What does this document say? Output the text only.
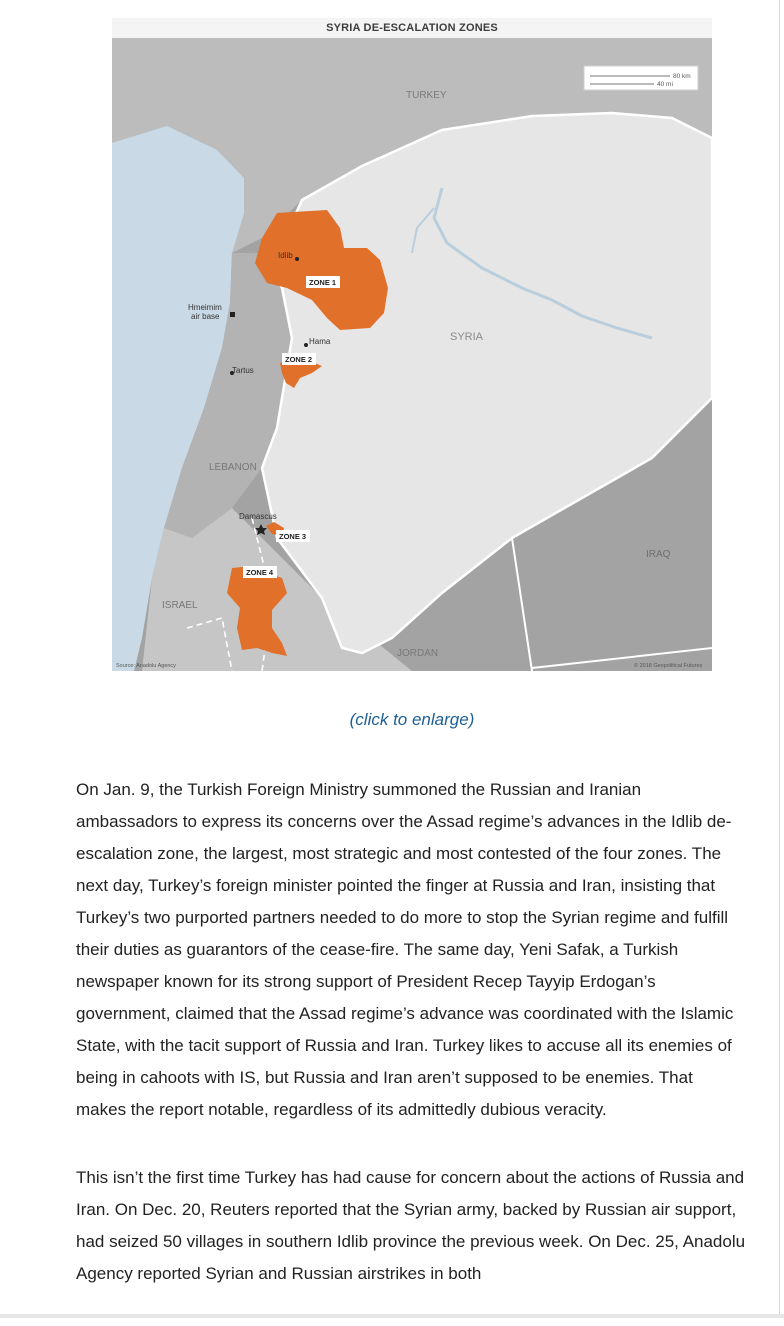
SYRIA DE-ESCALATION ZONES
TURKEY
SYRIA
LEBANON
ISRAEL
JORDAN
IRAQ
Idlib
Hama
Tartus
Damascus
Hmeimim
air base
ZONE 1
ZONE 2
ZONE 3
ZONE 4
80 km
40 mi
Source: Anadolu Agency	© 2018 Geopolitical Futures
(click to enlarge)

On Jan. 9, the Turkish Foreign Ministry summoned the Russian and Iranian ambassadors to express its concerns over the Assad regime’s advances in the Idlib de-escalation zone, the largest, most strategic and most contested of the four zones. The next day, Turkey’s foreign minister pointed the finger at Russia and Iran, insisting that Turkey’s two purported partners needed to do more to stop the Syrian regime and fulfill their duties as guarantors of the cease-fire. The same day, Yeni Safak, a Turkish newspaper known for its strong support of President Recep Tayyip Erdogan’s government, claimed that the Assad regime’s advance was coordinated with the Islamic State, with the tacit support of Russia and Iran. Turkey likes to accuse all its enemies of being in cahoots with IS, but Russia and Iran aren’t supposed to be enemies. That makes the report notable, regardless of its admittedly dubious veracity.

This isn’t the first time Turkey has had cause for concern about the actions of Russia and Iran. On Dec. 20, Reuters reported that the Syrian army, backed by Russian air support, had seized 50 villages in southern Idlib province the previous week. On Dec. 25, Anadolu Agency reported Syrian and Russian airstrikes in both
